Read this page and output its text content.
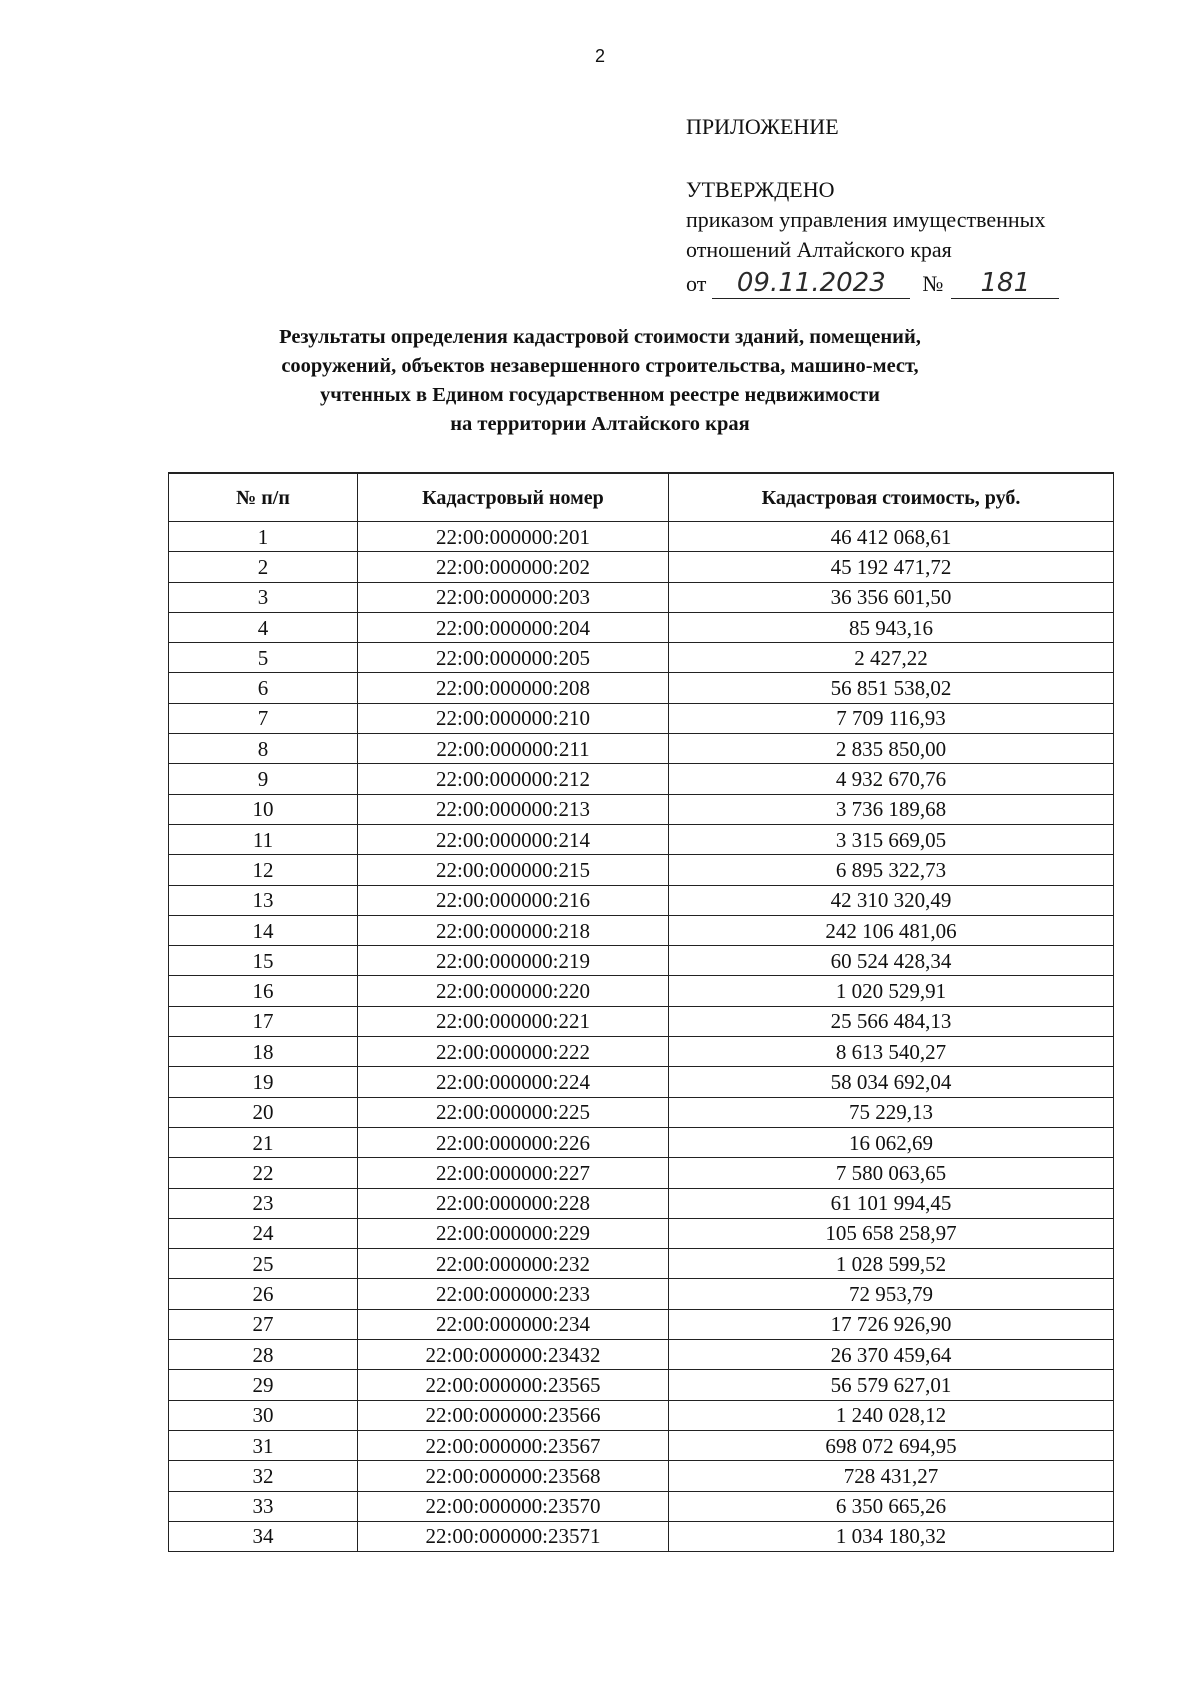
2
ПРИЛОЖЕНИЕ
УТВЕРЖДЕНО
приказом управления имущественных
отношений Алтайского края
от	09.11.2023	№	181
Результаты определения кадастровой стоимости зданий, помещений,
сооружений, объектов незавершенного строительства, машино-мест,
учтенных в Едином государственном реестре недвижимости
на территории Алтайского края
№ п/п	Кадастровый номер	Кадастровая стоимость, руб.
1	22:00:000000:201	46 412 068,61
2	22:00:000000:202	45 192 471,72
3	22:00:000000:203	36 356 601,50
4	22:00:000000:204	85 943,16
5	22:00:000000:205	2 427,22
6	22:00:000000:208	56 851 538,02
7	22:00:000000:210	7 709 116,93
8	22:00:000000:211	2 835 850,00
9	22:00:000000:212	4 932 670,76
10	22:00:000000:213	3 736 189,68
11	22:00:000000:214	3 315 669,05
12	22:00:000000:215	6 895 322,73
13	22:00:000000:216	42 310 320,49
14	22:00:000000:218	242 106 481,06
15	22:00:000000:219	60 524 428,34
16	22:00:000000:220	1 020 529,91
17	22:00:000000:221	25 566 484,13
18	22:00:000000:222	8 613 540,27
19	22:00:000000:224	58 034 692,04
20	22:00:000000:225	75 229,13
21	22:00:000000:226	16 062,69
22	22:00:000000:227	7 580 063,65
23	22:00:000000:228	61 101 994,45
24	22:00:000000:229	105 658 258,97
25	22:00:000000:232	1 028 599,52
26	22:00:000000:233	72 953,79
27	22:00:000000:234	17 726 926,90
28	22:00:000000:23432	26 370 459,64
29	22:00:000000:23565	56 579 627,01
30	22:00:000000:23566	1 240 028,12
31	22:00:000000:23567	698 072 694,95
32	22:00:000000:23568	728 431,27
33	22:00:000000:23570	6 350 665,26
34	22:00:000000:23571	1 034 180,32
